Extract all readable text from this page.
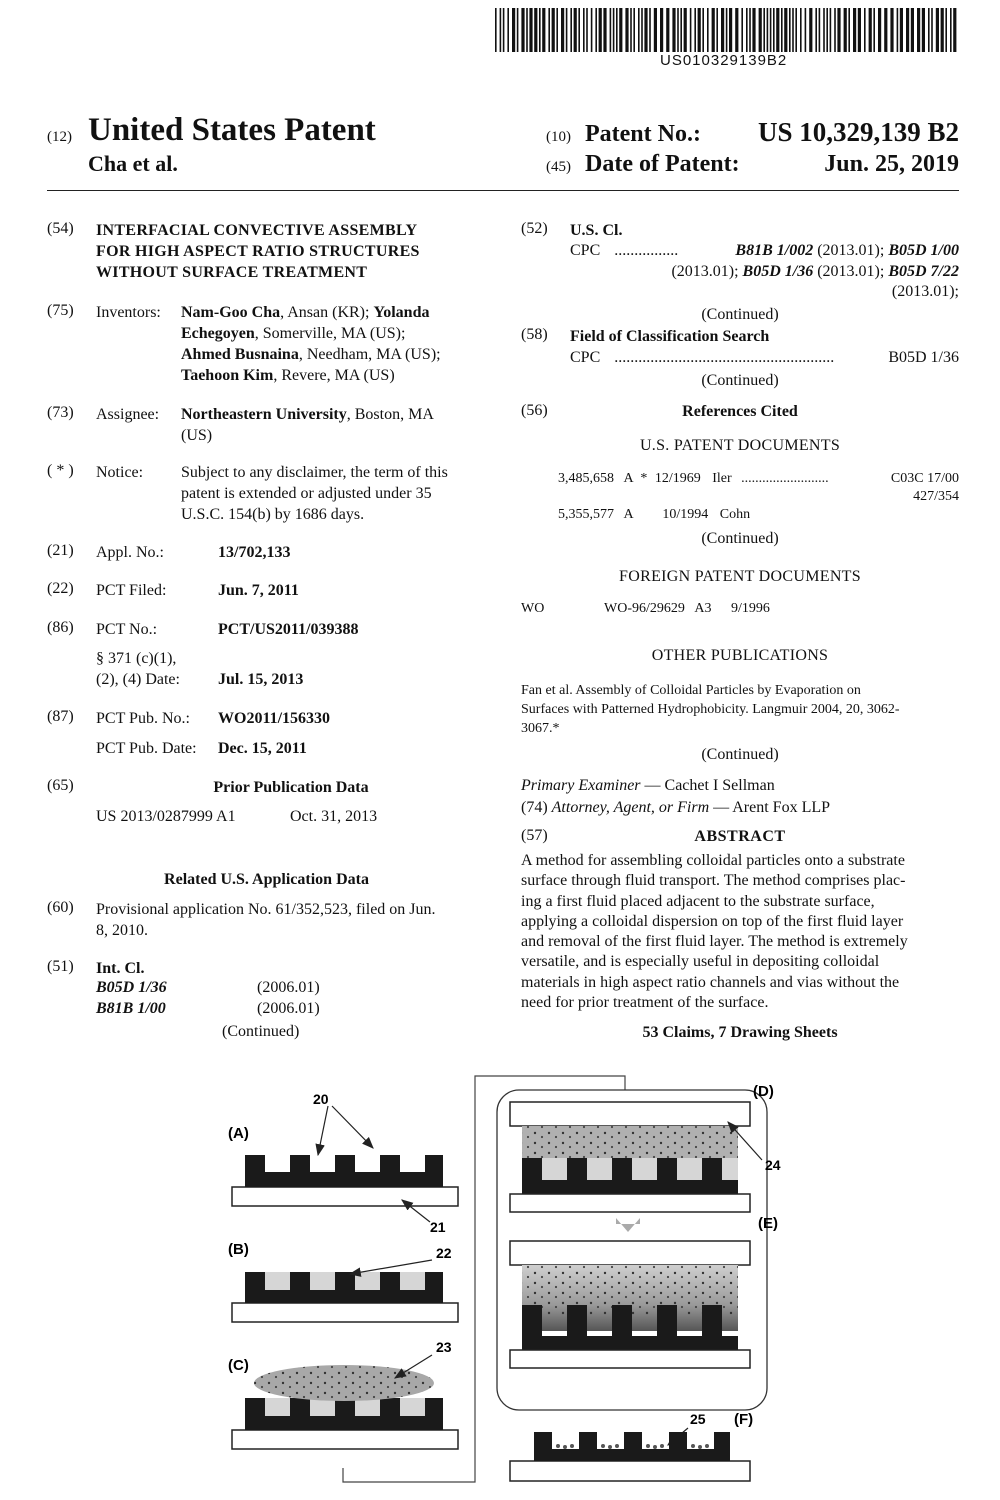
US010329139B2
(12) United States Patent
Cha et al.
(10) Patent No.:	US 10,329,139 B2
(45) Date of Patent:	Jun. 25, 2019
(54) INTERFACIAL CONVECTIVE ASSEMBLY
FOR HIGH ASPECT RATIO STRUCTURES
WITHOUT SURFACE TREATMENT
(75) Inventors: Nam-Goo Cha, Ansan (KR); Yolanda
Echegoyen, Somerville, MA (US);
Ahmed Busnaina, Needham, MA (US);
Taehoon Kim, Revere, MA (US)
(73) Assignee: Northeastern University, Boston, MA
(US)
( * ) Notice: Subject to any disclaimer, the term of this
patent is extended or adjusted under 35
U.S.C. 154(b) by 1686 days.
(21) Appl. No.:	13/702,133
(22) PCT Filed:	Jun. 7, 2011
(86) PCT No.:	PCT/US2011/039388
§ 371 (c)(1),
(2), (4) Date: Jul. 15, 2013
(87) PCT Pub. No.: WO2011/156330
PCT Pub. Date: Dec. 15, 2011
(65)	Prior Publication Data
US 2013/0287999 A1	Oct. 31, 2013
Related U.S. Application Data
(60) Provisional application No. 61/352,523, filed on Jun.
8, 2010.
(51) Int. Cl.
B05D 1/36	(2006.01)
B81B 1/00	(2006.01)
(Continued)
(52) U.S. Cl.
CPC ................	B81B 1/002 (2013.01); B05D 1/00
(2013.01); B05D 1/36 (2013.01); B05D 7/22
(2013.01);
(Continued)
(58) Field of Classification Search
CPC .......................................................	B05D 1/36
(Continued)
(56)	References Cited
U.S. PATENT DOCUMENTS
3,485,658 A * 12/1969 Iler .........................	C03C 17/00
427/354
5,355,577 A 10/1994 Cohn
(Continued)
FOREIGN PATENT DOCUMENTS
WO	WO-96/29629 A3 9/1996
OTHER PUBLICATIONS
Fan et al. Assembly of Colloidal Particles by Evaporation on
Surfaces with Patterned Hydrophobicity. Langmuir 2004, 20, 3062-
3067.*
(Continued)
Primary Examiner — Cachet I Sellman
(74) Attorney, Agent, or Firm — Arent Fox LLP
(57)	ABSTRACT
A method for assembling colloidal particles onto a substrate
surface through fluid transport. The method comprises plac-
ing a first fluid placed adjacent to the substrate surface,
applying a colloidal dispersion on top of the first fluid layer
and removal of the first fluid layer. The method is extremely
versatile, and is especially useful in depositing colloidal
materials in high aspect ratio channels and vias without the
need for prior treatment of the surface.
53 Claims, 7 Drawing Sheets
(A)
20
21
(B)	22
(C)
23
(D)
24
(E)
(F)
25
